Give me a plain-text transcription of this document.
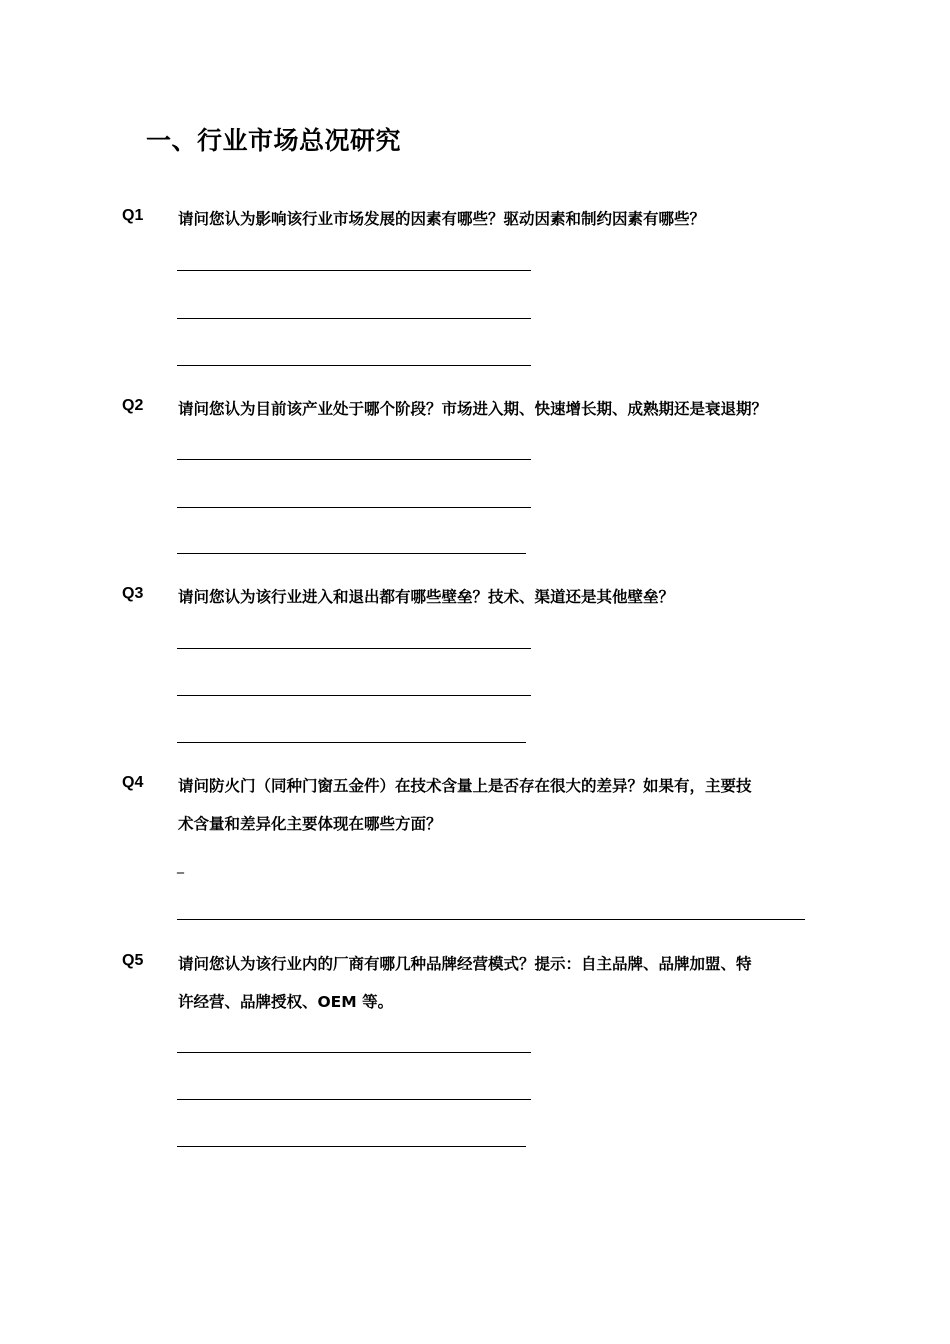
一、行业市场总况研究
Q1 请问您认为影响该行业市场发展的因素有哪些？驱动因素和制约因素有哪些？
Q2 请问您认为目前该产业处于哪个阶段？市场进入期、快速增长期、成熟期还是衰退期？
Q3 请问您认为该行业进入和退出都有哪些壁垒？技术、渠道还是其他壁垒？
Q4 请问防火门（同种门窗五金件）在技术含量上是否存在很大的差异？如果有，主要技
术含量和差异化主要体现在哪些方面？
_
Q5 请问您认为该行业内的厂商有哪几种品牌经营模式？提示：自主品牌、品牌加盟、特
许经营、品牌授权、OEM 等。
